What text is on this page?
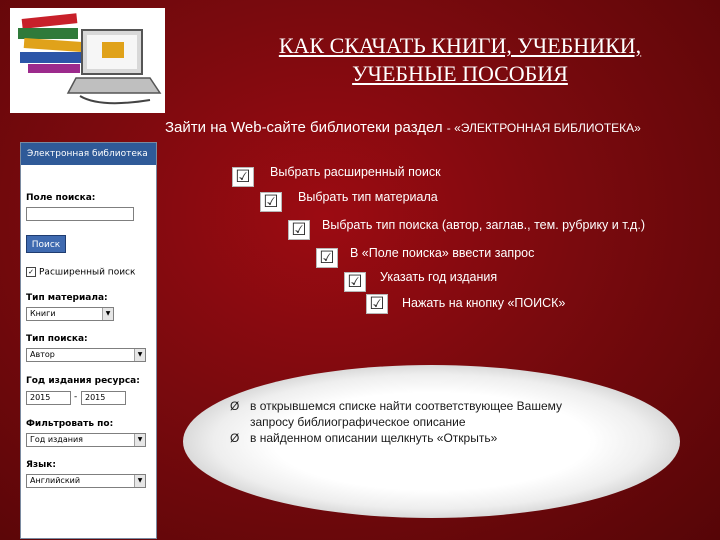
КАК СКАЧАТЬ КНИГИ, УЧЕБНИКИ,
УЧЕБНЫЕ ПОСОБИЯ
Зайти на Web-сайте библиотеки раздел - «ЭЛЕКТРОННАЯ БИБЛИОТЕКА»
Электронная библиотека
Поле поиска:
Поиск
✓ Расширенный поиск
Тип материала:
Книги	▼
Тип поиска:
Автор	▼
Год издания ресурса:
2015	- 2015
Фильтровать по:
Год издания	▼
Язык:
Английский	▼
☑ Выбрать расширенный поиск
☑ Выбрать тип материала
☑ Выбрать тип поиска (автор, заглав., тем. рубрику и т.д.)
☑ В «Поле поиска» ввести запрос
☑ Указать год издания
☑ Нажать на кнопку «ПОИСК»
Ø в открывшемся списке найти соответствующее Вашему
запросу библиографическое описание
Ø в найденном описании щелкнуть «Открыть»
